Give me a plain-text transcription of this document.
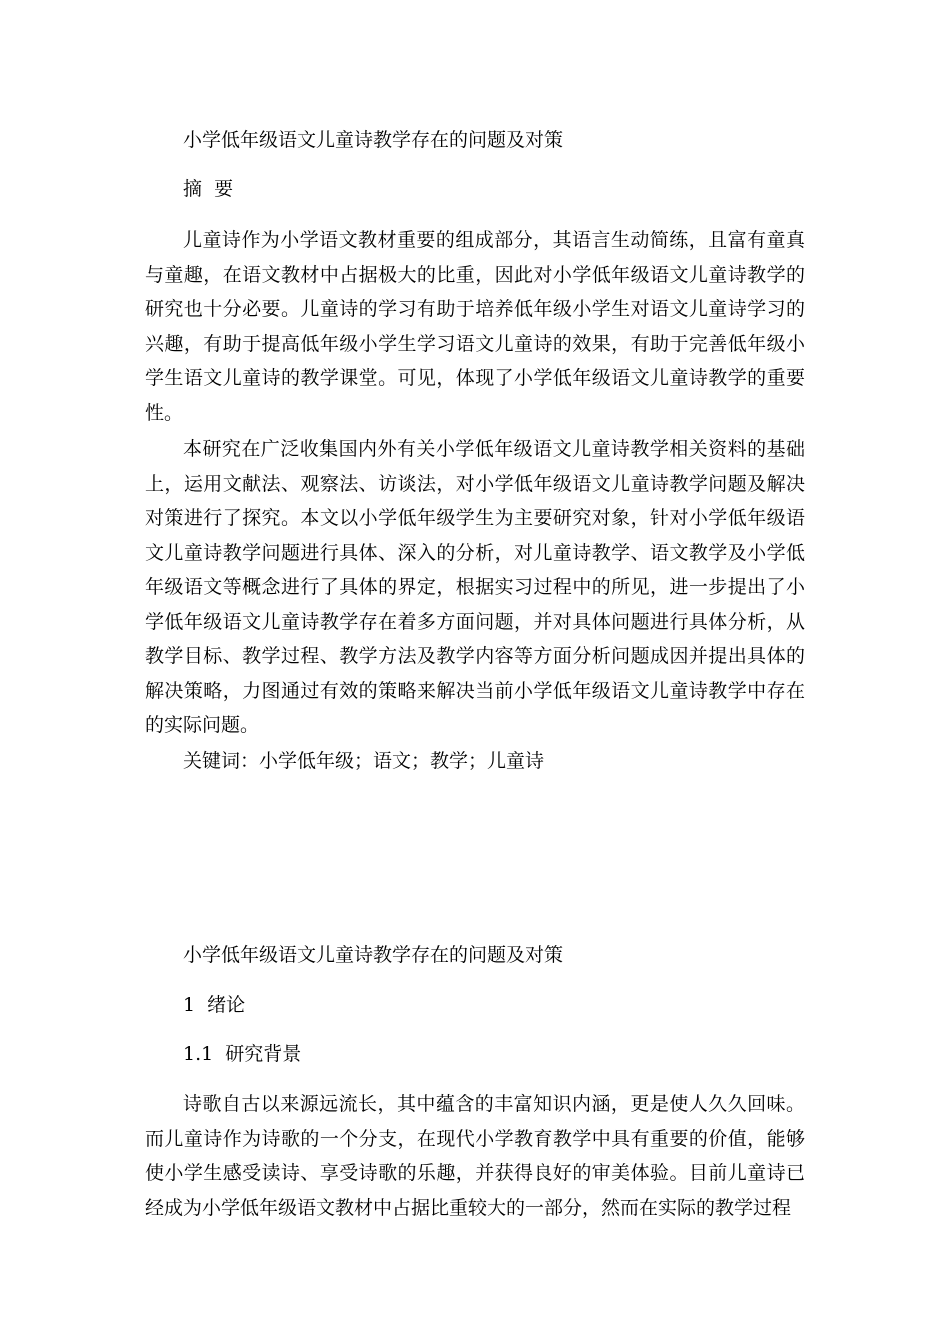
小学低年级语文儿童诗教学存在的问题及对策
摘  要
儿童诗作为小学语文教材重要的组成部分，其语言生动简练，且富有童真与童趣，在语文教材中占据极大的比重，因此对小学低年级语文儿童诗教学的研究也十分必要。儿童诗的学习有助于培养低年级小学生对语文儿童诗学习的兴趣，有助于提高低年级小学生学习语文儿童诗的效果，有助于完善低年级小学生语文儿童诗的教学课堂。可见，体现了小学低年级语文儿童诗教学的重要性。
本研究在广泛收集国内外有关小学低年级语文儿童诗教学相关资料的基础上，运用文献法、观察法、访谈法，对小学低年级语文儿童诗教学问题及解决对策进行了探究。本文以小学低年级学生为主要研究对象，针对小学低年级语文儿童诗教学问题进行具体、深入的分析，对儿童诗教学、语文教学及小学低年级语文等概念进行了具体的界定，根据实习过程中的所见，进一步提出了小学低年级语文儿童诗教学存在着多方面问题，并对具体问题进行具体分析，从教学目标、教学过程、教学方法及教学内容等方面分析问题成因并提出具体的解决策略，力图通过有效的策略来解决当前小学低年级语文儿童诗教学中存在的实际问题。
关键词：小学低年级；语文；教学；儿童诗
小学低年级语文儿童诗教学存在的问题及对策
1  绪论
1.1  研究背景
诗歌自古以来源远流长，其中蕴含的丰富知识内涵，更是使人久久回味。而儿童诗作为诗歌的一个分支，在现代小学教育教学中具有重要的价值，能够使小学生感受读诗、享受诗歌的乐趣，并获得良好的审美体验。目前儿童诗已经成为小学低年级语文教材中占据比重较大的一部分，然而在实际的教学过程
